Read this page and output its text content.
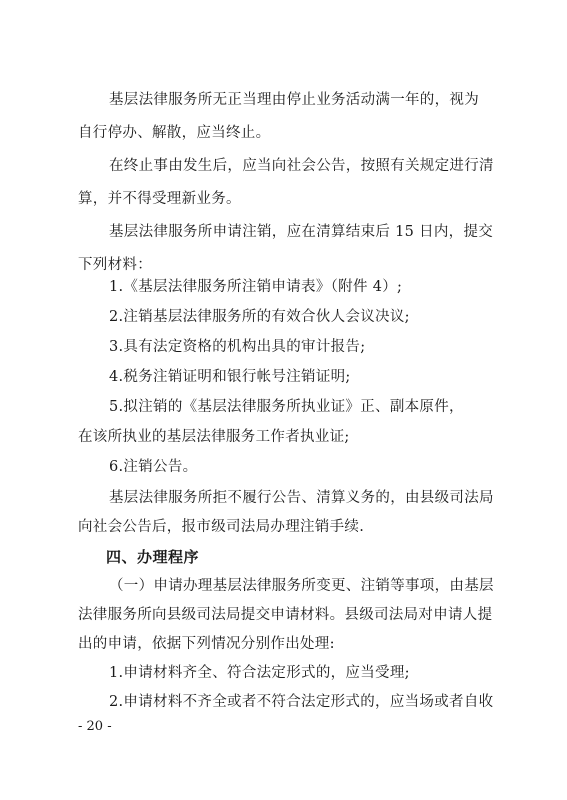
基层法律服务所无正当理由停止业务活动满一年的，视为
自行停办、解散，应当终止。
在终止事由发生后，应当向社会公告，按照有关规定进行清
算，并不得受理新业务。
基层法律服务所申请注销，应在清算结束后 15 日内，提交
下列材料：
1.《基层法律服务所注销申请表》（附件 4）;
2.注销基层法律服务所的有效合伙人会议决议;
3.具有法定资格的机构出具的审计报告;
4.税务注销证明和银行帐号注销证明;
5.拟注销的《基层法律服务所执业证》正、副本原件，
在该所执业的基层法律服务工作者执业证;
6.注销公告。
基层法律服务所拒不履行公告、清算义务的，由县级司法局
向社会公告后，报市级司法局办理注销手续.
四、办理程序
（一）申请办理基层法律服务所变更、注销等事项，由基层
法律服务所向县级司法局提交申请材料。县级司法局对申请人提
出的申请，依据下列情况分别作出处理:
1.申请材料齐全、符合法定形式的，应当受理;
2.申请材料不齐全或者不符合法定形式的，应当场或者自收
- 20 -
